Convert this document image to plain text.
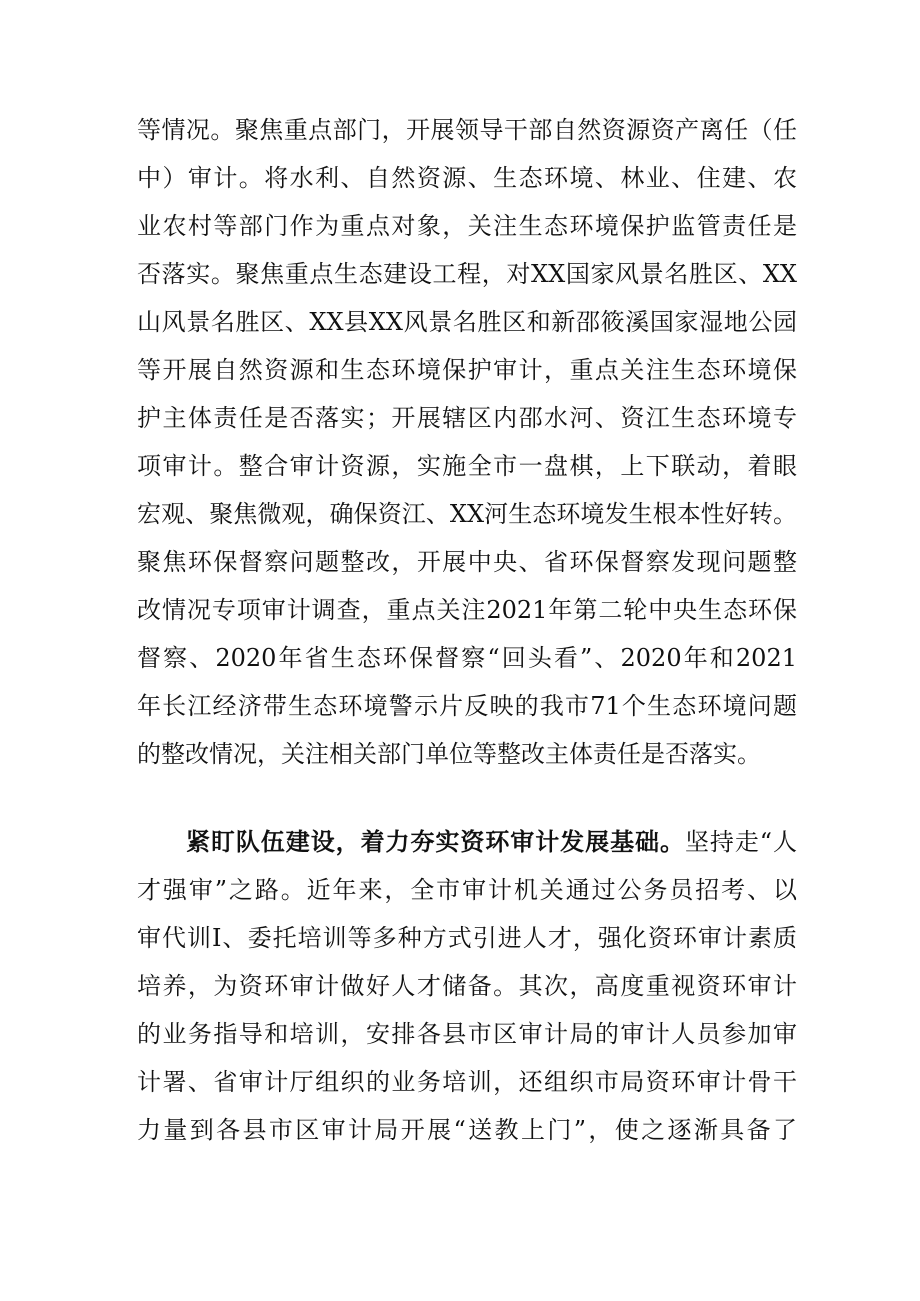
等情况。聚焦重点部门，开展领导干部自然资源资产离任（任
中）审计。将水利、自然资源、生态环境、林业、住建、农
业农村等部门作为重点对象，关注生态环境保护监管责任是
否落实。聚焦重点生态建设工程，对XX国家风景名胜区、XX
山风景名胜区、XX县XX风景名胜区和新邵筱溪国家湿地公园
等开展自然资源和生态环境保护审计，重点关注生态环境保
护主体责任是否落实；开展辖区内邵水河、资江生态环境专
项审计。整合审计资源，实施全市一盘棋，上下联动，着眼
宏观、聚焦微观，确保资江、XX河生态环境发生根本性好转。
聚焦环保督察问题整改，开展中央、省环保督察发现问题整
改情况专项审计调查，重点关注2021年第二轮中央生态环保
督察、2020年省生态环保督察“回头看”、2020年和2021
年长江经济带生态环境警示片反映的我市71个生态环境问题
的整改情况，关注相关部门单位等整改主体责任是否落实。
紧盯队伍建设，着力夯实资环审计发展基础。坚持走“人
才强审”之路。近年来，全市审计机关通过公务员招考、以
审代训Ⅰ、委托培训等多种方式引进人才，强化资环审计素质
培养，为资环审计做好人才储备。其次，高度重视资环审计
的业务指导和培训，安排各县市区审计局的审计人员参加审
计署、省审计厅组织的业务培训，还组织市局资环审计骨干
力量到各县市区审计局开展“送教上门”，使之逐渐具备了
